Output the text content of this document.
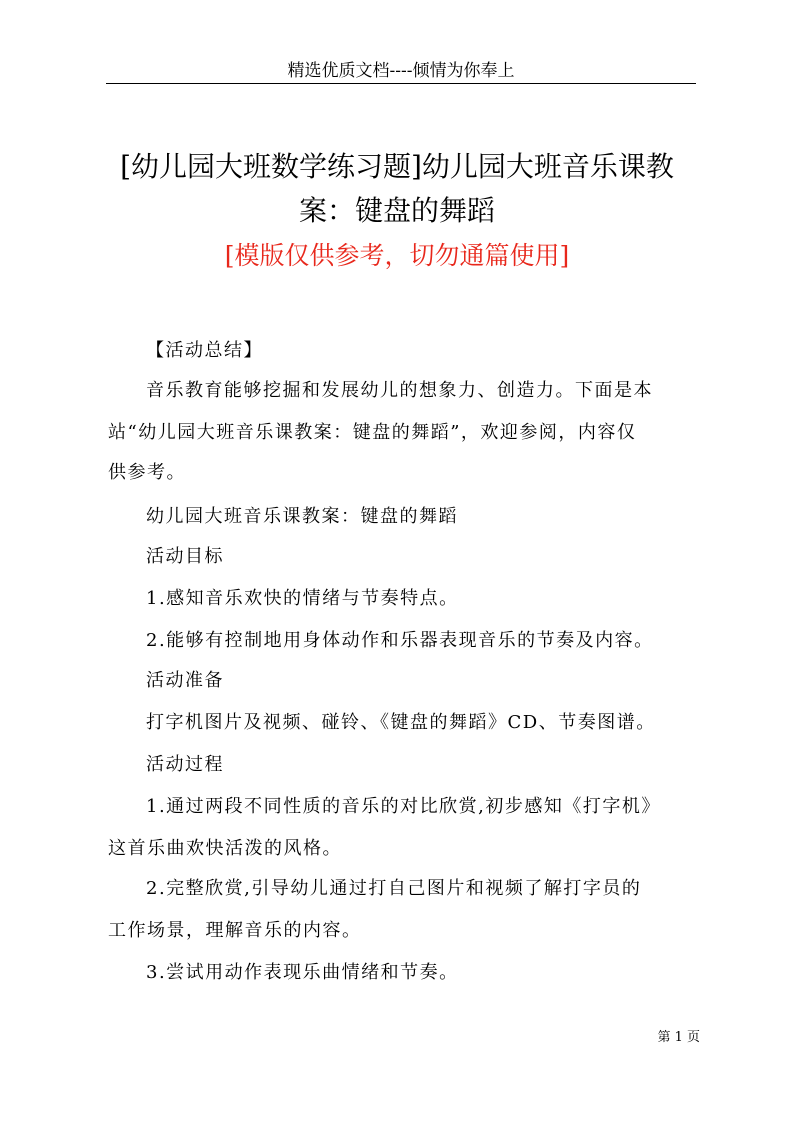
精选优质文档----倾情为你奉上
[幼儿园大班数学练习题]幼儿园大班音乐课教
案：键盘的舞蹈
[模版仅供参考，切勿通篇使用]
【活动总结】
音乐教育能够挖掘和发展幼儿的想象力、创造力。下面是本
站“幼儿园大班音乐课教案：键盘的舞蹈”，欢迎参阅，内容仅
供参考。
幼儿园大班音乐课教案：键盘的舞蹈
活动目标
1.感知音乐欢快的情绪与节奏特点。
2.能够有控制地用身体动作和乐器表现音乐的节奏及内容。
活动准备
打字机图片及视频、碰铃、《键盘的舞蹈》CD、节奏图谱。
活动过程
1.通过两段不同性质的音乐的对比欣赏,初步感知《打字机》
这首乐曲欢快活泼的风格。
2.完整欣赏,引导幼儿通过打自己图片和视频了解打字员的
工作场景，理解音乐的内容。
3.尝试用动作表现乐曲情绪和节奏。
第 1 页
